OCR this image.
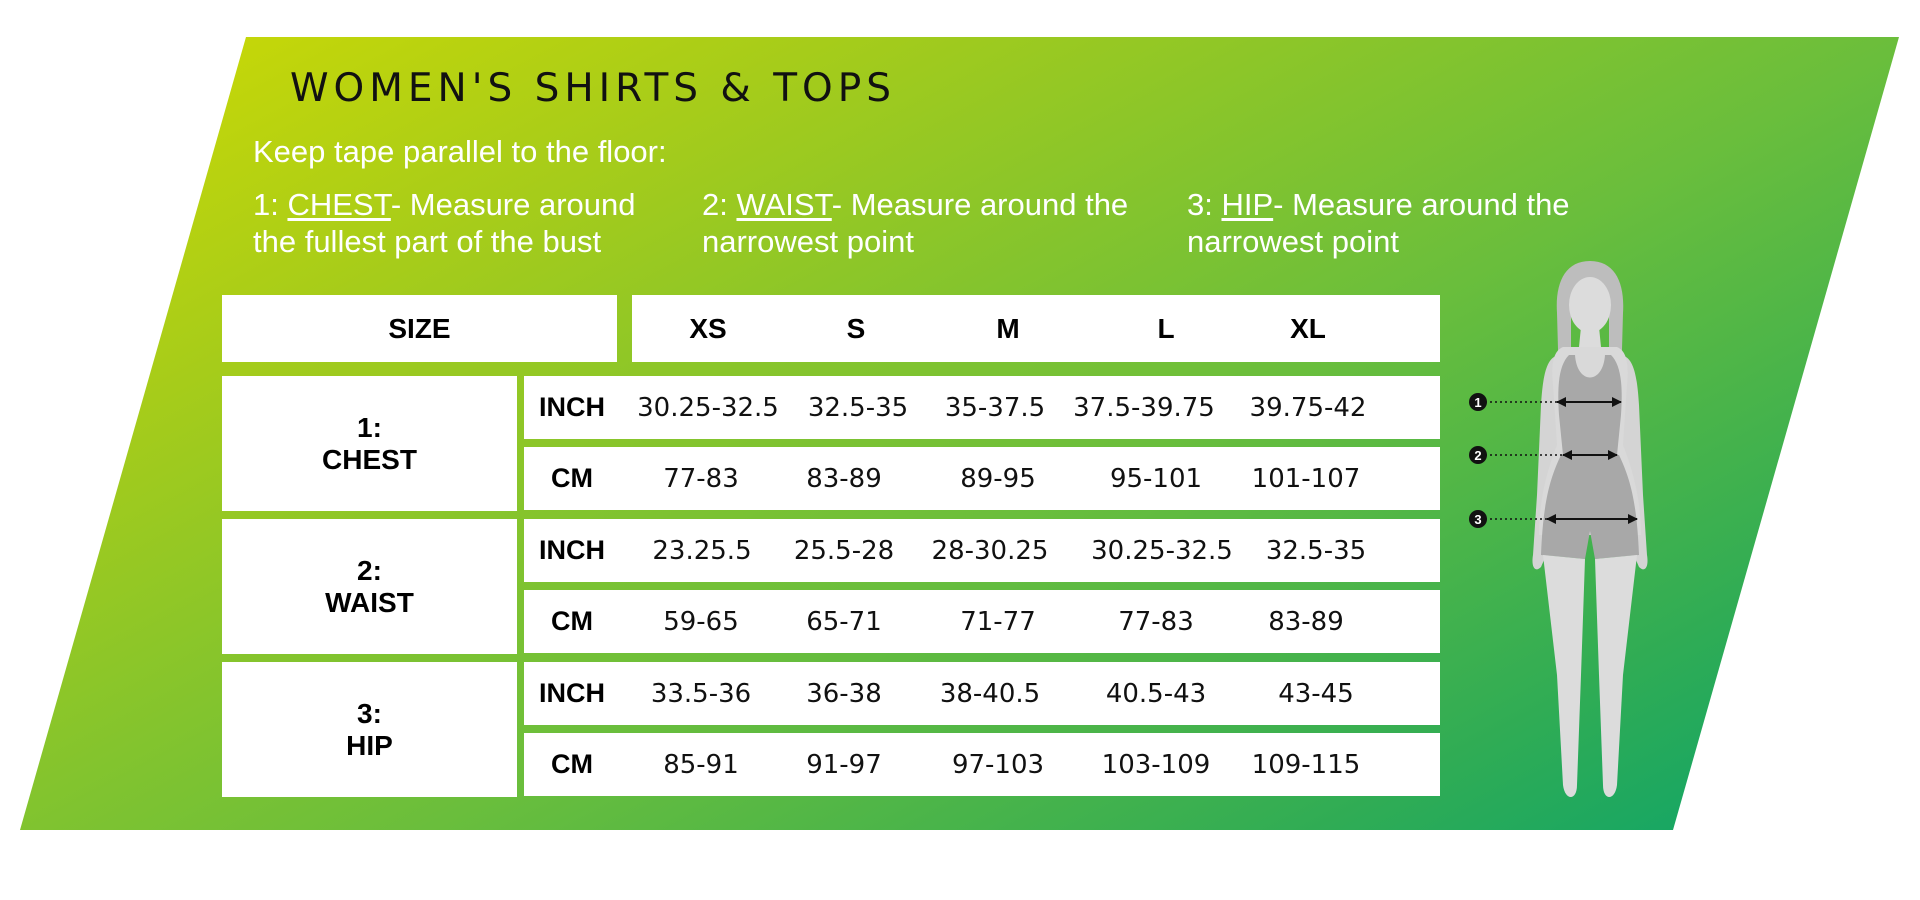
WOMEN'S SHIRTS & TOPS
Keep tape parallel to the floor:
1: CHEST- Measure around the fullest part of the bust
2: WAIST- Measure around the narrowest point
3: HIP- Measure around the narrowest point
SIZE	XS	S	M	L	XL
1:
CHEST
INCH	30.25-32.5	32.5-35	35-37.5	37.5-39.75	39.75-42
CM	77-83	83-89	89-95	95-101	101-107
2:
WAIST
INCH	23.25.5	25.5-28	28-30.25	30.25-32.5	32.5-35
CM	59-65	65-71	71-77	77-83	83-89
3:
HIP
INCH	33.5-36	36-38	38-40.5	40.5-43	43-45
CM	85-91	91-97	97-103	103-109	109-115
1
2
3
